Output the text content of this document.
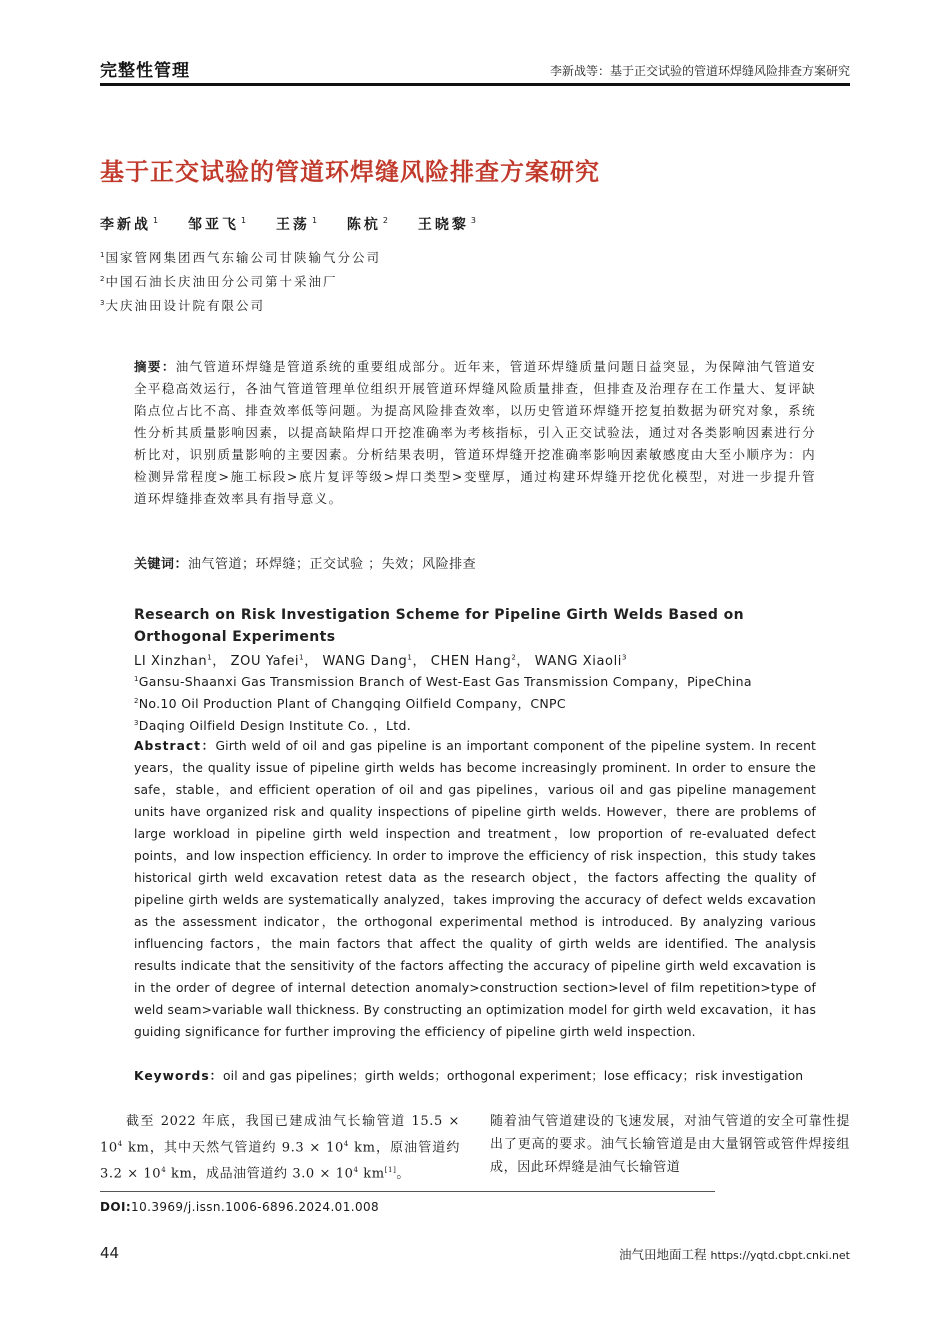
完整性管理	李新战等：基于正交试验的管道环焊缝风险排查方案研究
基于正交试验的管道环焊缝风险排查方案研究
李新战 $^1$ 邹亚飞 $^1$ 王荡 $^1$ 陈杭 $^2$ 王晓黎 $^3$
$^1$国家管网集团西气东输公司甘陕输气分公司
$^2$中国石油长庆油田分公司第十采油厂
$^3$大庆油田设计院有限公司
摘要：油气管道环焊缝是管道系统的重要组成部分。近年来，管道环焊缝质量问题日益突显，为保障油气管道安全平稳高效运行，各油气管道管理单位组织开展管道环焊缝风险质量排查，但排查及治理存在工作量大、复评缺陷点位占比不高、排查效率低等问题。为提高风险排查效率，以历史管道环焊缝开挖复拍数据为研究对象，系统性分析其质量影响因素，以提高缺陷焊口开挖准确率为考核指标，引入正交试验法，通过对各类影响因素进行分析比对，识别质量影响的主要因素。分析结果表明，管道环焊缝开挖准确率影响因素敏感度由大至小顺序为：内检测异常程度>施工标段>底片复评等级>焊口类型>变壁厚，通过构建环焊缝开挖优化模型，对进一步提升管道环焊缝排查效率具有指导意义。
关键词：油气管道；环焊缝；正交试验 ；失效；风险排查
Research on Risk Investigation Scheme for Pipeline Girth Welds Based on Orthogonal Experiments
LI Xinzhan$^1$， ZOU Yafei$^1$， WANG Dang$^1$， CHEN Hang$^2$， WANG Xiaoli$^3$
$^1$Gansu-Shaanxi Gas Transmission Branch of West-East Gas Transmission Company，PipeChina
$^2$No.10 Oil Production Plant of Changqing Oilfield Company，CNPC
$^3$Daqing Oilfield Design Institute Co. ，Ltd.
Abstract：Girth weld of oil and gas pipeline is an important component of the pipeline system. In recent years，the quality issue of pipeline girth welds has become increasingly prominent. In order to ensure the safe，stable，and efficient operation of oil and gas pipelines，various oil and gas pipeline management units have organized risk and quality inspections of pipeline girth welds. However，there are problems of large workload in pipeline girth weld inspection and treatment，low proportion of re-evaluated defect points，and low inspection efficiency. In order to improve the efficiency of risk inspection，this study takes historical girth weld excavation retest data as the research object，the factors affecting the quality of pipeline girth welds are systematically analyzed，takes improving the accuracy of defect welds excavation as the assessment indicator，the orthogonal experimental method is introduced. By analyzing various influencing factors，the main factors that affect the quality of girth welds are identified. The analysis results indicate that the sensitivity of the factors affecting the accuracy of pipeline girth weld excavation is in the order of degree of internal detection anomaly>construction section>level of film repetition>type of weld seam>variable wall thickness. By constructing an optimization model for girth weld excavation，it has guiding significance for further improving the efficiency of pipeline girth weld inspection.
Keywords：oil and gas pipelines；girth welds；orthogonal experiment；lose efficacy；risk investigation
截至 2022 年底，我国已建成油气长输管道 $15.5 \times 10^4$ km，其中天然气管道约 $9.3 \times 10^4$ km，原油管道约 $3.2 \times 10^4$ km，成品油管道约 $3.0 \times 10^4$ km[1]。
随着油气管道建设的飞速发展，对油气管道的安全可靠性提出了更高的要求。油气长输管道是由大量钢管或管件焊接组成，因此环焊缝是油气长输管道
DOI:10.3969/j.issn.1006-6896.2024.01.008
44	油气田地面工程 https://yqtd.cbpt.cnki.net
